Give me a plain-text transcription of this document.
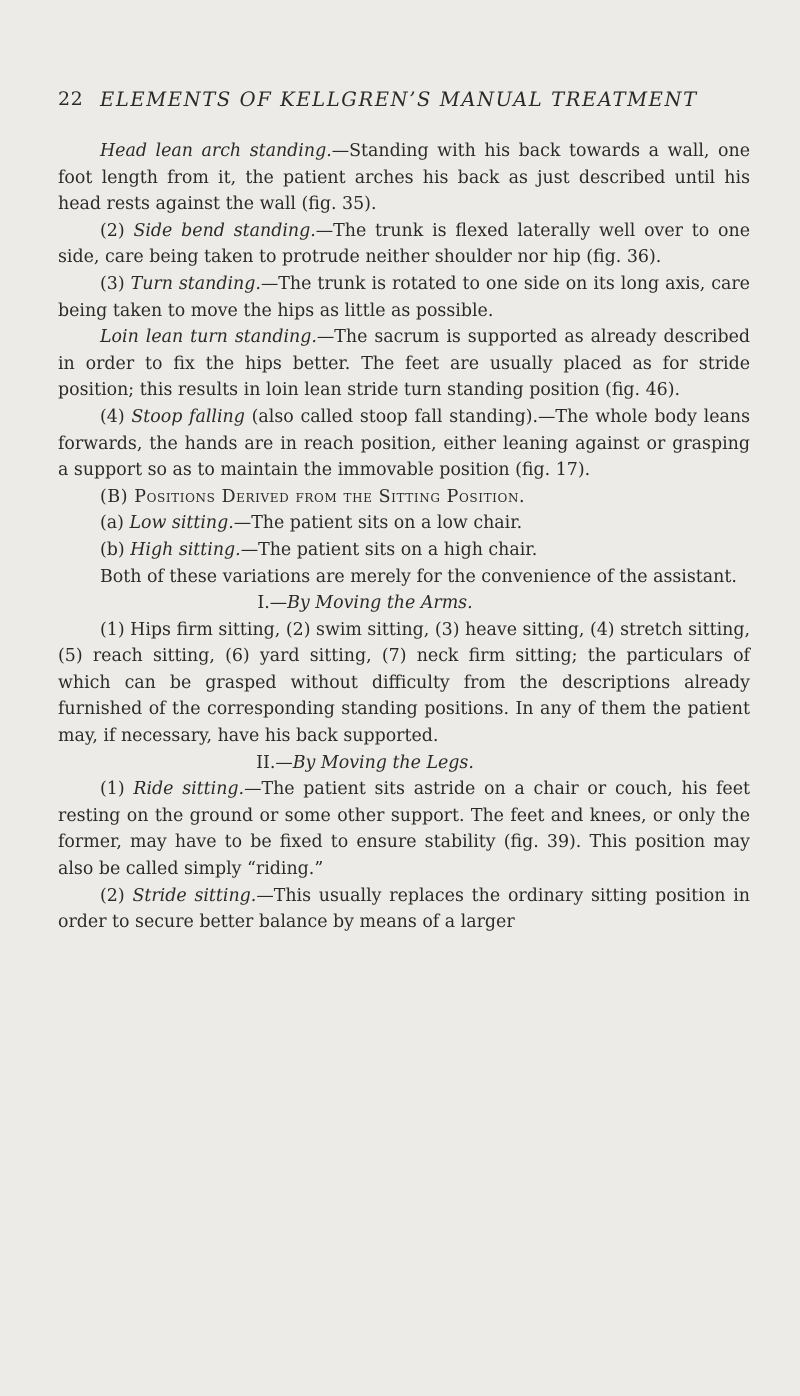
22 ELEMENTS OF KELLGREN’S MANUAL TREATMENT

Head lean arch standing.—Standing with his back towards a wall, one foot length from it, the patient arches his back as just described until his head rests against the wall (fig. 35).

(2) Side bend standing.—The trunk is flexed laterally well over to one side, care being taken to protrude neither shoulder nor hip (fig. 36).

(3) Turn standing.—The trunk is rotated to one side on its long axis, care being taken to move the hips as little as possible.

Loin lean turn standing.—The sacrum is supported as already described in order to fix the hips better. The feet are usually placed as for stride position; this results in loin lean stride turn standing position (fig. 46).

(4) Stoop falling (also called stoop fall standing).—The whole body leans forwards, the hands are in reach position, either leaning against or grasping a support so as to maintain the immovable position (fig. 17).

(B) Positions Derived from the Sitting Position.

(a) Low sitting.—The patient sits on a low chair.

(b) High sitting.—The patient sits on a high chair.

Both of these variations are merely for the convenience of the assistant.

I.—By Moving the Arms.

(1) Hips firm sitting, (2) swim sitting, (3) heave sitting, (4) stretch sitting, (5) reach sitting, (6) yard sitting, (7) neck firm sitting; the particulars of which can be grasped without difficulty from the descriptions already furnished of the corresponding standing positions. In any of them the patient may, if necessary, have his back supported.

II.—By Moving the Legs.

(1) Ride sitting.—The patient sits astride on a chair or couch, his feet resting on the ground or some other support. The feet and knees, or only the former, may have to be fixed to ensure stability (fig. 39). This position may also be called simply “riding.”

(2) Stride sitting.—This usually replaces the ordinary sitting position in order to secure better balance by means of a larger
